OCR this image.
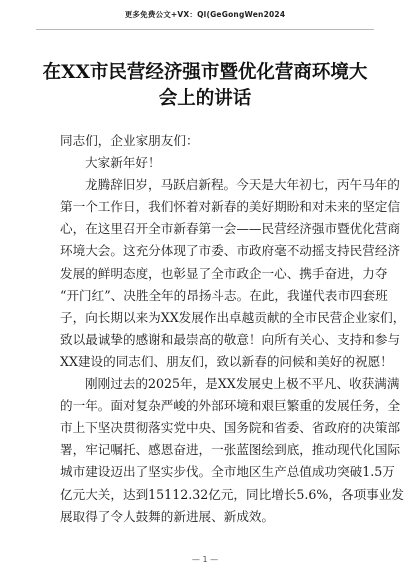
更多免费公文+VX：Ql(GeGongWen2024
在XX市民营经济强市暨优化营商环境大
会上的讲话
同志们，企业家朋友们：
大家新年好！
龙腾辞旧岁，马跃启新程。今天是大年初七，丙午马年的
第一个工作日，我们怀着对新春的美好期盼和对未来的坚定信
心，在这里召开全市新春第一会——民营经济强市暨优化营商
环境大会。这充分体现了市委、市政府毫不动摇支持民营经济
发展的鲜明态度，也彰显了全市政企一心、携手奋进，力夺
“开门红”、决胜全年的昂扬斗志。在此，我谨代表市四套班
子，向长期以来为XX发展作出卓越贡献的全市民营企业家们，
致以最诚挚的感谢和最崇高的敬意！向所有关心、支持和参与
XX建设的同志们、朋友们，致以新春的问候和美好的祝愿！
刚刚过去的2025年，是XX发展史上极不平凡、收获满满
的一年。面对复杂严峻的外部环境和艰巨繁重的发展任务，全
市上下坚决贯彻落实党中央、国务院和省委、省政府的决策部
署，牢记嘱托、感恩奋进，一张蓝图绘到底，推动现代化国际
城市建设迈出了坚实步伐。全市地区生产总值成功突破1.5万
亿元大关，达到15112.32亿元，同比增长5.6%，各项事业发
展取得了令人鼓舞的新进展、新成效。
— 1 —
